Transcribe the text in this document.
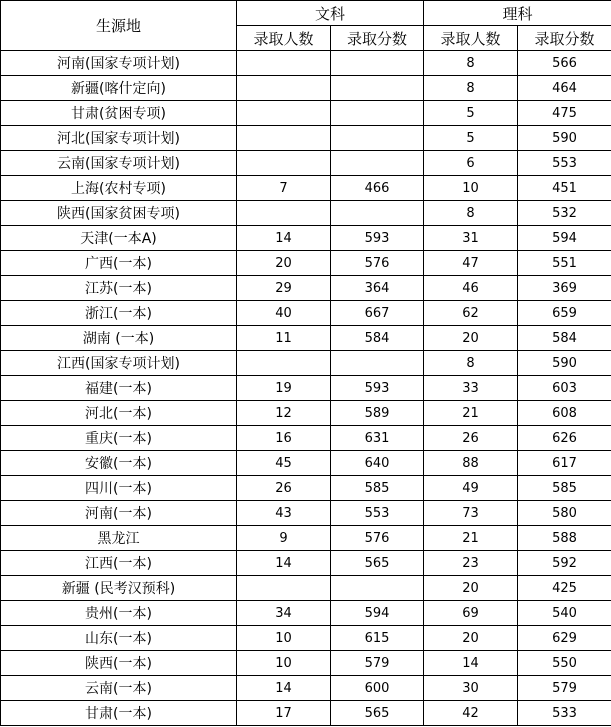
生源地	文科		理科	
	录取人数	录取分数	录取人数	录取分数
河南(国家专项计划)			8	566
新疆(喀什定向)			8	464
甘肃(贫困专项)			5	475
河北(国家专项计划)			5	590
云南(国家专项计划)			6	553
上海(农村专项)	7	466	10	451
陕西(国家贫困专项)			8	532
天津(一本A)	14	593	31	594
广西(一本)	20	576	47	551
江苏(一本)	29	364	46	369
浙江(一本)	40	667	62	659
湖南 (一本)	11	584	20	584
江西(国家专项计划)			8	590
福建(一本)	19	593	33	603
河北(一本)	12	589	21	608
重庆(一本)	16	631	26	626
安徽(一本)	45	640	88	617
四川(一本)	26	585	49	585
河南(一本)	43	553	73	580
黑龙江	9	576	21	588
江西(一本)	14	565	23	592
新疆 (民考汉预科)			20	425
贵州(一本)	34	594	69	540
山东(一本)	10	615	20	629
陕西(一本)	10	579	14	550
云南(一本)	14	600	30	579
甘肃(一本)	17	565	42	533
